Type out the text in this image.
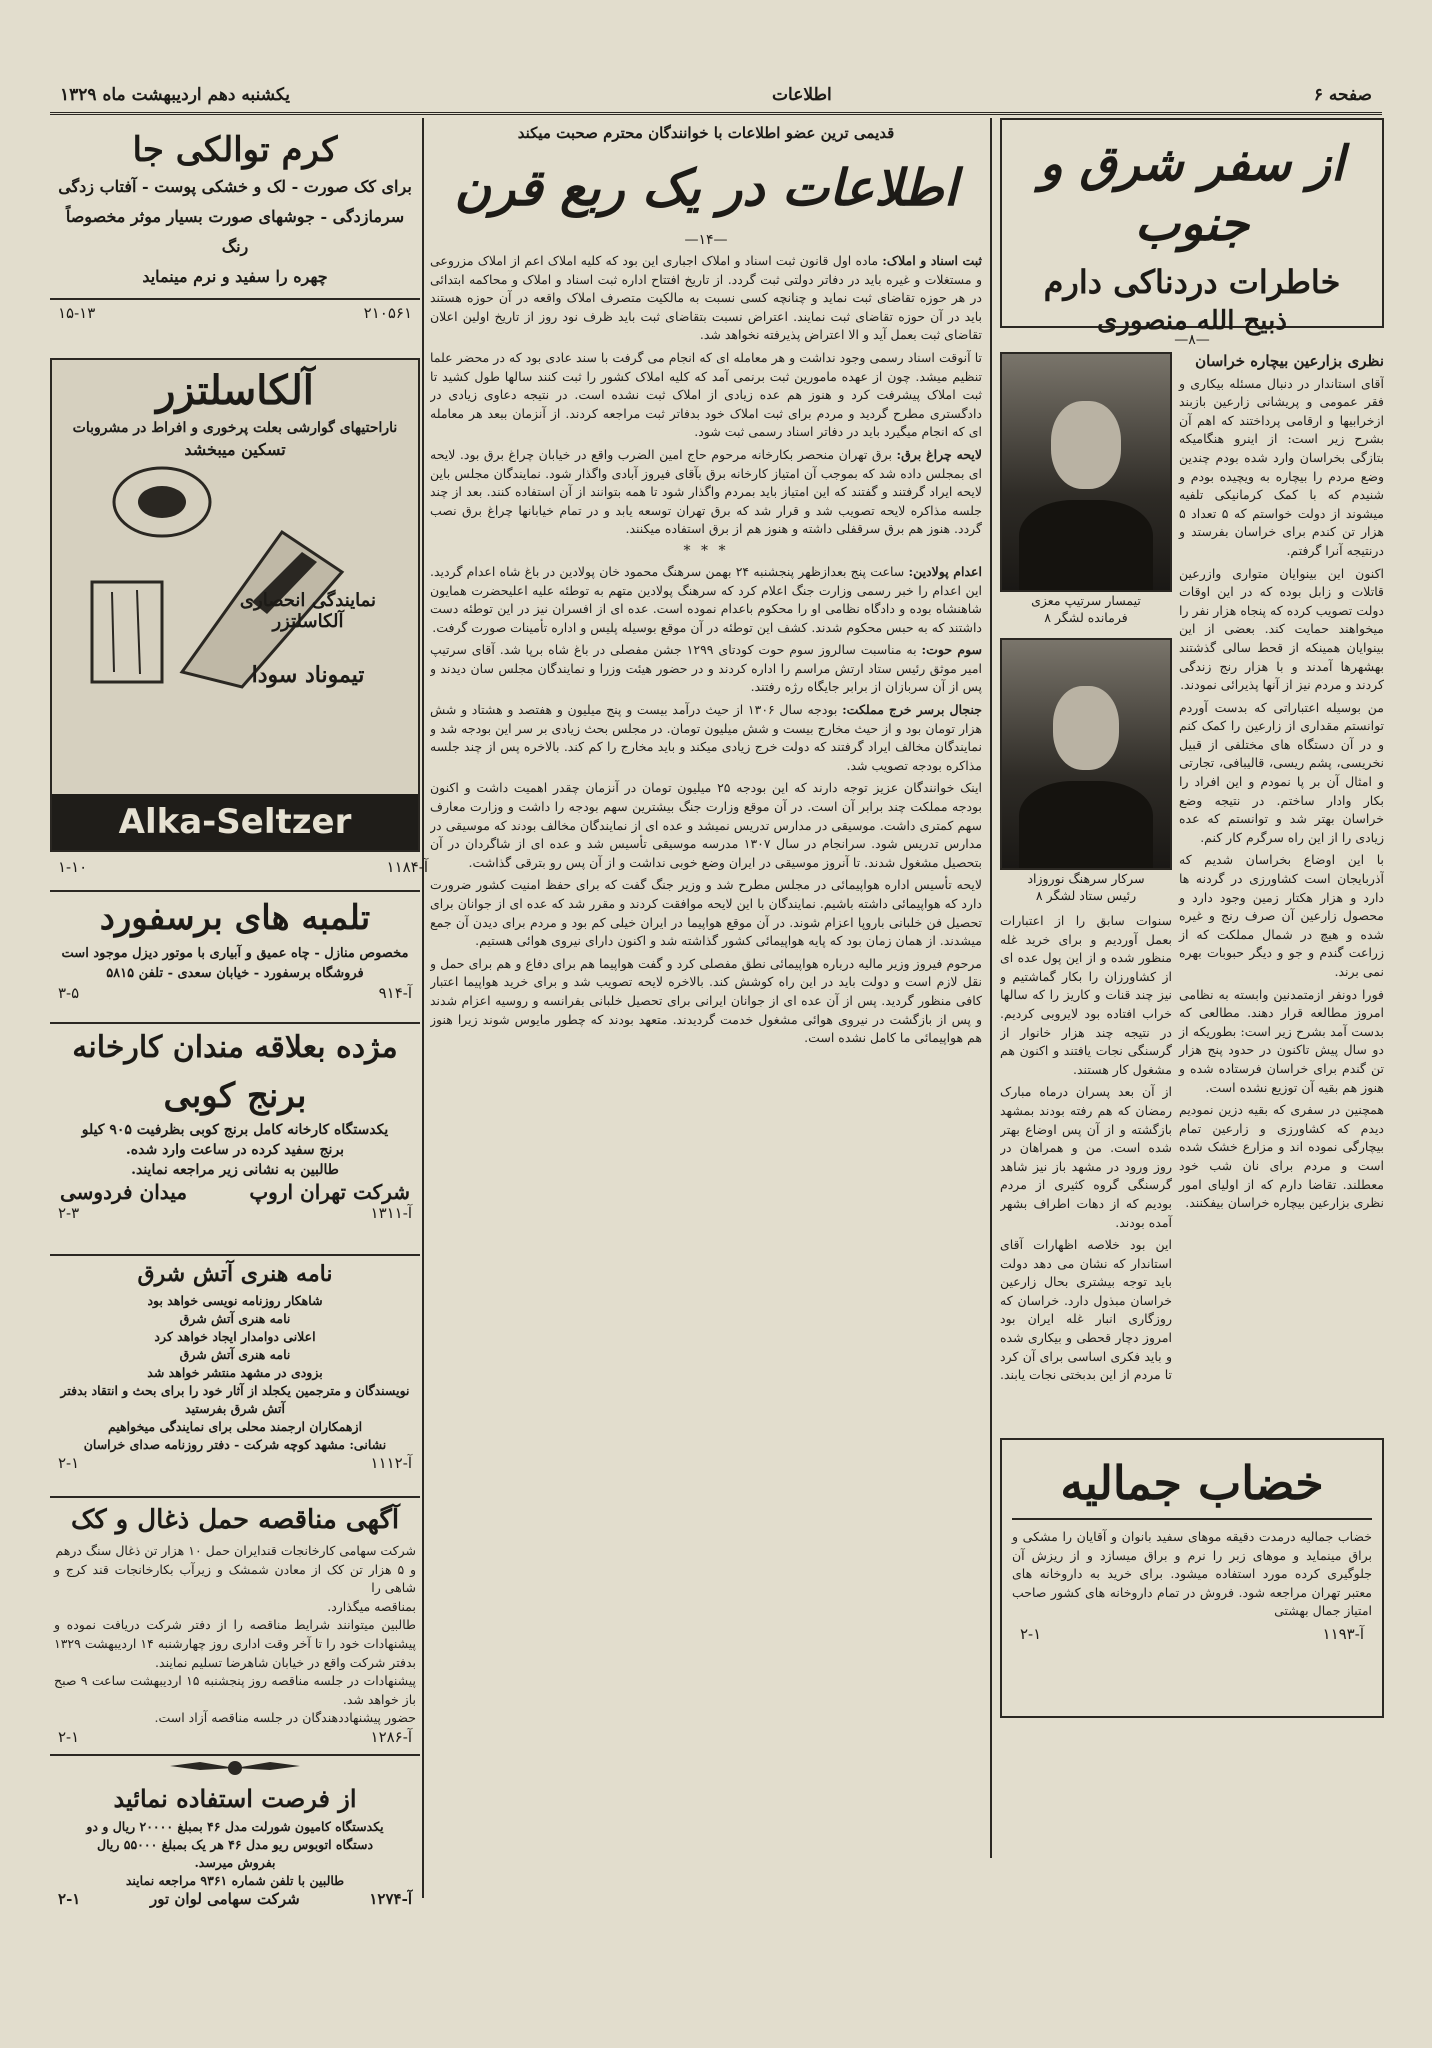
صفحه ۶
اطلاعات
یکشنبه دهم اردیبهشت ماه ۱۳۲۹
از سفر شرق و جنوب
خاطرات دردناکی دارم
ذبیح الله منصوری
—۸—
نظری بزارعین بیچاره خراسان

آقای استاندار در دنبال مسئله بیکاری و فقر عمومی و پریشانی زارعین بازبند ازخرابیها و ارقامی پرداختند که اهم آن بشرح زیر است: از اینرو هنگامیکه بتازگی بخراسان وارد شده بودم چندین وضع مردم را بیچاره به ویچیده بودم و شنیدم که با کمک کرمانیکی تلفیه میشوند از دولت خواستم که ۵ تعداد ۵ هزار تن کندم برای خراسان بفرستد و درنتیجه آنرا گرفتم.

اکنون این بینوایان متواری وازرعین قاتلات و زابل بوده که در این اوقات دولت تصویب کرده که پنجاه هزار نفر را میخواهند حمایت کند. بعضی از این بینوایان همینکه از قحط سالی گذشتند بهشهرها آمدند و با هزار رنج زندگی کردند و مردم نیز از آنها پذیرائی نمودند.

من بوسیله اعتباراتی که بدست آوردم توانستم مقداری از زارعین را کمک کنم و در آن دستگاه های مختلفی از قبیل نخریسی، پشم ریسی، قالیبافی، تجارتی و امثال آن بر پا نمودم و این افراد را بکار وادار ساختم. در نتیجه وضع خراسان بهتر شد و توانستم که عده زیادی را از این راه سرگرم کار کنم.

با این اوضاع بخراسان شدیم که آذربایجان است کشاورزی در گردنه ها دارد و هزار هکتار زمین وجود دارد و محصول زارعین آن صرف رنج و غیره شده و هیچ در شمال مملکت که از زراعت گندم و جو و دیگر حبوبات بهره نمی برند.

فورا دونفر ازمتمدنین وابسته به نظامی امروز مطالعه قرار دهند. مطالعی که بدست آمد بشرح زیر است: بطوریکه از دو سال پیش تاکنون در حدود پنج هزار تن گندم برای خراسان فرستاده شده و هنوز هم بقیه آن توزیع نشده است.

همچنین در سفری که بقیه دزین نمودیم دیدم که کشاورزی و زارعین تمام بیچارگی نموده اند و مزارع خشک شده است و مردم برای نان شب خود معطلند. تقاضا دارم که از اولیای امور نظری بزارعین بیچاره خراسان بیفکنند.

تیمسار سرتیپ معزی
فرمانده لشگر ۸
سرکار سرهنگ نوروزاد
رئیس ستاد لشگر ۸

سنوات سابق را از اعتبارات بعمل آوردیم و برای خرید غله منظور شده و از این پول عده ای از کشاورزان را بکار گماشتیم و نیز چند قنات و کاریز را که سالها خراب افتاده بود لایروبی کردیم. در نتیجه چند هزار خانوار از گرسنگی نجات یافتند و اکنون هم مشغول کار هستند.

از آن بعد پسران درماه مبارک رمضان که هم رفته بودند بمشهد بازگشته و از آن پس اوضاع بهتر شده است. من و همراهان در روز ورود در مشهد باز نیز شاهد گرسنگی گروه کثیری از مردم بودیم که از دهات اطراف بشهر آمده بودند.

این بود خلاصه اظهارات آقای استاندار که نشان می دهد دولت باید توجه بیشتری بحال زارعین خراسان مبذول دارد. خراسان که روزگاری انبار غله ایران بود امروز دچار قحطی و بیکاری شده و باید فکری اساسی برای آن کرد تا مردم از این بدبختی نجات یابند.

خضاب جمالیه

خضاب جمالیه درمدت دقیقه موهای سفید بانوان و آقایان را مشکی و براق مینماید و موهای زبر را نرم و براق میسازد و از ریزش آن جلوگیری کرده مورد استفاده میشود. برای خرید به داروخانه های معتبر تهران مراجعه شود. فروش در تمام داروخانه های کشور صاحب امتیاز جمال بهشتی

آ-۱۱۹۳
۲-۱
قدیمی ترین عضو اطلاعات با خوانندگان محترم صحبت میکند
اطلاعات در یک ربع قرن
—۱۴—

ثبت اسناد و املاک: ماده اول قانون ثبت اسناد و املاک اجباری این بود که کلیه املاک اعم از املاک مزروعی و مستغلات و غیره باید در دفاتر دولتی ثبت گردد. از تاریخ افتتاح اداره ثبت اسناد و املاک و محاکمه ابتدائی در هر حوزه تقاضای ثبت نماید و چنانچه کسی نسبت به مالکیت متصرف املاک واقعه در آن حوزه هستند باید در آن حوزه تقاضای ثبت نمایند. اعتراض نسبت بتقاضای ثبت باید ظرف نود روز از تاریخ اولین اعلان تقاضای ثبت بعمل آید و الا اعتراض پذیرفته نخواهد شد.

تا آنوقت اسناد رسمی وجود نداشت و هر معامله ای که انجام می گرفت با سند عادی بود که در محضر علما تنظیم میشد. چون از عهده مامورین ثبت برنمی آمد که کلیه املاک کشور را ثبت کنند سالها طول کشید تا ثبت املاک پیشرفت کرد و هنوز هم عده زیادی از املاک ثبت نشده است. در نتیجه دعاوی زیادی در دادگستری مطرح گردید و مردم برای ثبت املاک خود بدفاتر ثبت مراجعه کردند. از آنزمان ببعد هر معامله ای که انجام میگیرد باید در دفاتر اسناد رسمی ثبت شود.

لایحه چراغ برق: برق تهران منحصر بکارخانه مرحوم حاج امین الضرب واقع در خیابان چراغ برق بود. لایحه ای بمجلس داده شد که بموجب آن امتیاز کارخانه برق بآقای فیروز آبادی واگذار شود. نمایندگان مجلس باین لایحه ایراد گرفتند و گفتند که این امتیاز باید بمردم واگذار شود تا همه بتوانند از آن استفاده کنند. بعد از چند جلسه مذاکره لایحه تصویب شد و قرار شد که برق تهران توسعه یابد و در تمام خیابانها چراغ برق نصب گردد. هنوز هم برق سرقفلی داشته و هنوز هم از برق استفاده میکنند.

* * *

اعدام پولادین: ساعت پنج بعدازظهر پنجشنبه ۲۴ بهمن سرهنگ محمود خان پولادین در باغ شاه اعدام گردید. این اعدام را خبر رسمی وزارت جنگ اعلام کرد که سرهنگ پولادین متهم به توطئه علیه اعلیحضرت همایون شاهنشاه بوده و دادگاه نظامی او را محکوم باعدام نموده است. عده ای از افسران نیز در این توطئه دست داشتند که به حبس محکوم شدند. کشف این توطئه در آن موقع بوسیله پلیس و اداره تأمینات صورت گرفت.

سوم حوت: به مناسبت سالروز سوم حوت کودتای ۱۲۹۹ جشن مفصلی در باغ شاه برپا شد. آقای سرتیپ امیر موثق رئیس ستاد ارتش مراسم را اداره کردند و در حضور هیئت وزرا و نمایندگان مجلس سان دیدند و پس از آن سربازان از برابر جایگاه رژه رفتند.

جنجال برسر خرج مملکت: بودجه سال ۱۳۰۶ از حیث درآمد بیست و پنج میلیون و هفتصد و هشتاد و شش هزار تومان بود و از حیث مخارج بیست و شش میلیون تومان. در مجلس بحث زیادی بر سر این بودجه شد و نمایندگان مخالف ایراد گرفتند که دولت خرج زیادی میکند و باید مخارج را کم کند. بالاخره پس از چند جلسه مذاکره بودجه تصویب شد.

اینک خوانندگان عزیز توجه دارند که این بودجه ۲۵ میلیون تومان در آنزمان چقدر اهمیت داشت و اکنون بودجه مملکت چند برابر آن است. در آن موقع وزارت جنگ بیشترین سهم بودجه را داشت و وزارت معارف سهم کمتری داشت. موسیقی در مدارس تدریس نمیشد و عده ای از نمایندگان مخالف بودند که موسیقی در مدارس تدریس شود. سرانجام در سال ۱۳۰۷ مدرسه موسیقی تأسیس شد و عده ای از شاگردان در آن بتحصیل مشغول شدند. تا آنروز موسیقی در ایران وضع خوبی نداشت و از آن پس رو بترقی گذاشت.

لایحه تأسیس اداره هواپیمائی در مجلس مطرح شد و وزیر جنگ گفت که برای حفظ امنیت کشور ضرورت دارد که هواپیمائی داشته باشیم. نمایندگان با این لایحه موافقت کردند و مقرر شد که عده ای از جوانان برای تحصیل فن خلبانی باروپا اعزام شوند. در آن موقع هواپیما در ایران خیلی کم بود و مردم برای دیدن آن جمع میشدند. از همان زمان بود که پایه هواپیمائی کشور گذاشته شد و اکنون دارای نیروی هوائی هستیم.

مرحوم فیروز وزیر مالیه درباره هواپیمائی نطق مفصلی کرد و گفت هواپیما هم برای دفاع و هم برای حمل و نقل لازم است و دولت باید در این راه کوشش کند. بالاخره لایحه تصویب شد و برای خرید هواپیما اعتبار کافی منظور گردید. پس از آن عده ای از جوانان ایرانی برای تحصیل خلبانی بفرانسه و روسیه اعزام شدند و پس از بازگشت در نیروی هوائی مشغول خدمت گردیدند. متعهد بودند که چطور مایوس شوند زیرا هنوز هم هواپیمائی ما کامل نشده است.

کرم توالکی جا
برای کک صورت - لک و خشکی پوست - آفتاب زدگی
سرمازدگی - جوشهای صورت بسیار موثر مخصوصاً رنگ
چهره را سفید و نرم مینماید
۲۱۰۵۶۱
۱۵-۱۳
آلکاسلتزر
ناراحتیهای گوارشی بعلت پرخوری و افراط در مشروبات
تسکین میبخشد
نمایندگی انحصاری آلکاسلتزر
تیموناد سودا
Alka-Seltzer
آ-۱۱۸۴
۱-۱۰
تلمبه های برسفورد
مخصوص منازل - چاه عمیق و آبیاری با موتور دیزل موجود است
فروشگاه برسفورد - خیابان سعدی - تلفن ۵۸۱۵
آ-۹۱۴
۳-۵
مژده بعلاقه مندان کارخانه
برنج کوبی
یکدستگاه کارخانه کامل برنج کوبی بظرفیت ۹۰۵ کیلو
برنج سفید کرده در ساعت وارد شده.
طالبین به نشانی زیر مراجعه نمایند.
شرکت تهران اروپ
میدان فردوسی
آ-۱۳۱۱
۲-۳
نامه هنری آتش شرق
شاهکار روزنامه نویسی خواهد بود
نامه هنری آتش شرق
اعلانی دوامدار ایجاد خواهد کرد
نامه هنری آتش شرق
بزودی در مشهد منتشر خواهد شد
نویسندگان و مترجمین یکجلد از آثار خود را برای بحث و انتقاد بدفتر آتش شرق بفرستید
ازهمکاران ارجمند محلی برای نمایندگی میخواهیم
نشانی: مشهد کوچه شرکت - دفتر روزنامه صدای خراسان
آ-۱۱۱۲
۲-۱
آگهی مناقصه حمل ذغال و کک

شرکت سهامی کارخانجات قندایران حمل ۱۰ هزار تن ذغال سنگ درهم

و ۵ هزار تن کک از معادن شمشک و زیرآب بکارخانجات قند کرج و شاهی را

بمناقصه میگذارد.

طالبین میتوانند شرایط مناقصه را از دفتر شرکت دریافت نموده و پیشنهادات خود را تا آخر وقت اداری روز چهارشنبه ۱۴ اردیبهشت ۱۳۲۹ بدفتر شرکت واقع در خیابان شاهرضا تسلیم نمایند.

پیشنهادات در جلسه مناقصه روز پنجشنبه ۱۵ اردیبهشت ساعت ۹ صبح باز خواهد شد.

حضور پیشنهاددهندگان در جلسه مناقصه آزاد است.

آ-۱۲۸۶
۲-۱
از فرصت استفاده نمائید
یکدستگاه کامیون شورلت مدل ۴۶ بمبلغ ۲۰۰۰۰ ریال و دو
دستگاه اتوبوس ریو مدل ۴۶ هر یک بمبلغ ۵۵۰۰۰ ریال
بفروش میرسد.
طالبین با تلفن شماره ۹۳۶۱ مراجعه نمایند
آ-۱۲۷۴
شرکت سهامی لوان تور
۲-۱
